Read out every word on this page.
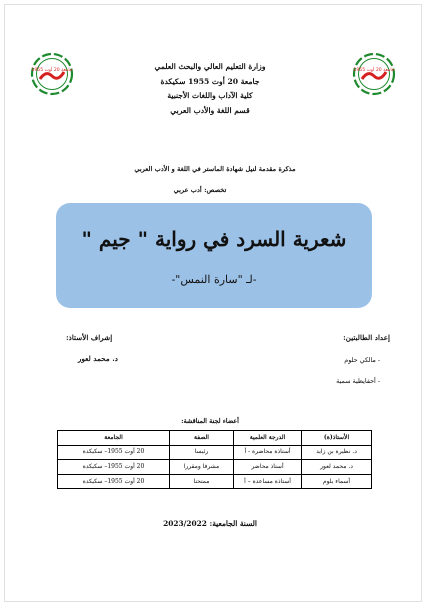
جامعة 20 أوت 1955
جامعة 20 أوت 1955	وزارة التعليم العالي والبحث العلمي
جامعة 20 أوت 1955 سكيكدة
كلية الآداب واللغات الأجنبية
قسم اللغة والأدب العربي
مذكرة مقدمة لنيل شهادة الماستر في اللغة و الأدب العربي
تخصص: أدب عربي
شعرية السرد في رواية " جيم "
-لـ "سارة النمس"-
إعداد الطالبتين:
- مالكي حلوم
- أحفايظية سمية
إشراف الأستاذ:
د. محمد لعور
أعضاء لجنة المناقشة:
الأستاذ(ة)	الدرجة العلمية	الصفة	الجامعة
د. نظيرة بن زايد	أستاذة محاضرة - أ	رئيسا	20 أوت 1955– سكيكدة
د. محمد لعور	أستاذ محاضر	مشرفا ومقررا	20 أوت 1955– سكيكدة
أسماء بلوم	أستاذة مساعدة – أ	ممتحنا	20 أوت 1955– سكيكدة
السنة الجامعية: 2023/2022
